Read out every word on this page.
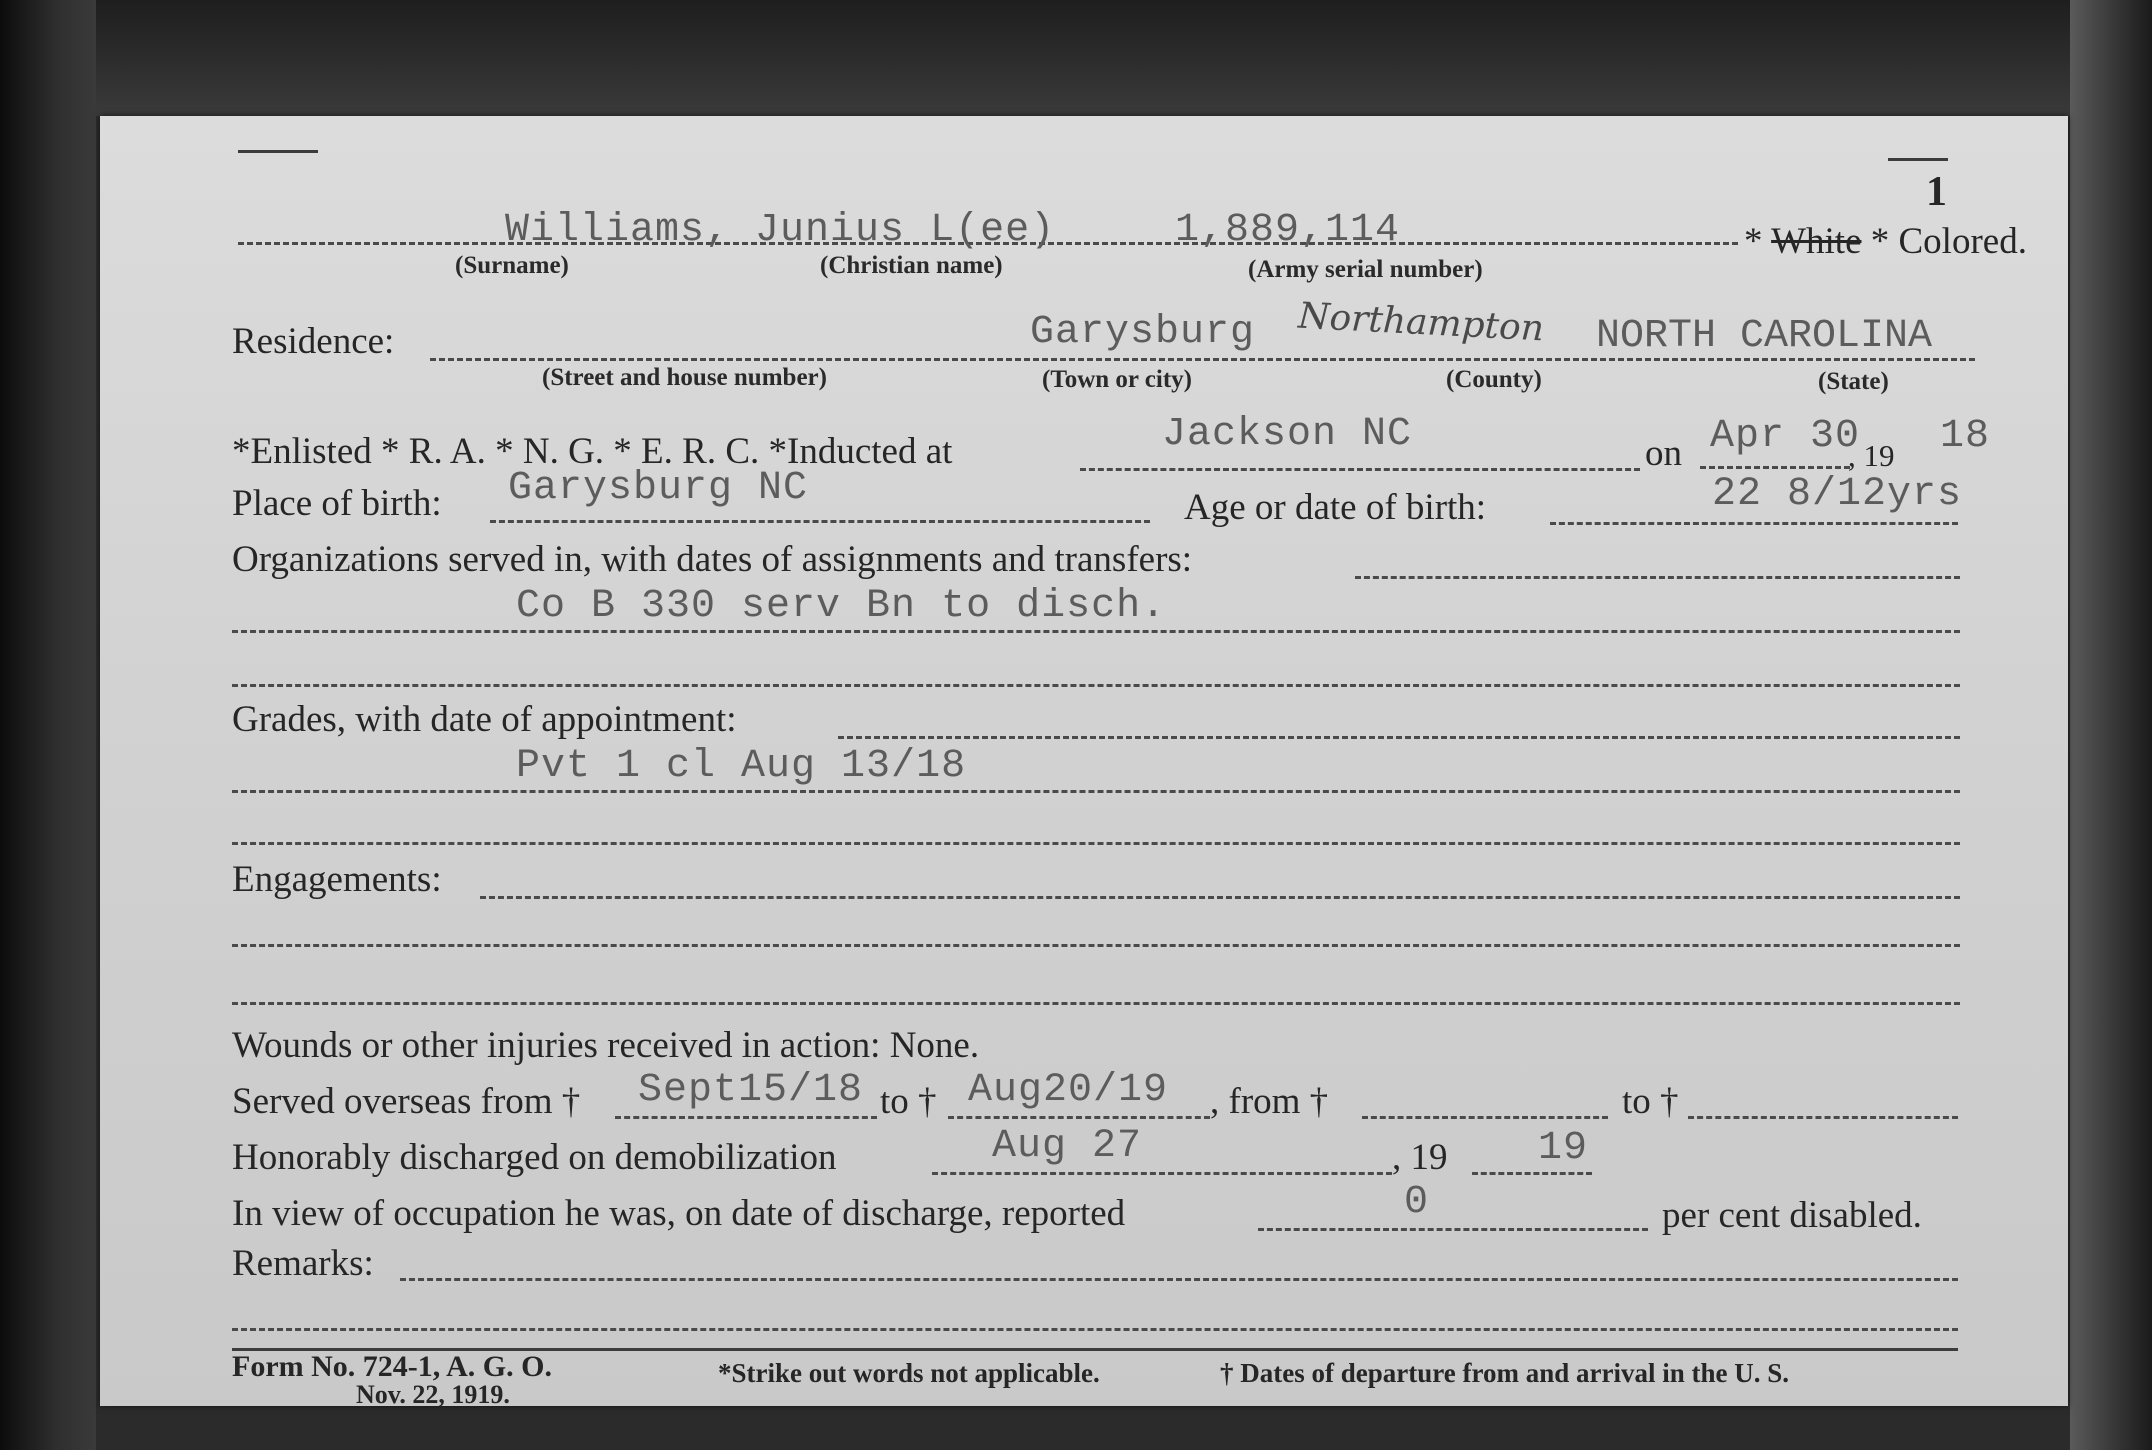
1
Williams, Junius L(ee)	1,889,114
(Surname)	(Christian name)	(Army serial number)
* White * Colored.
Residence:	Garysburg Northampton NORTH CAROLINA
(Street and house number)	(Town or city)	(County)	(State)
*Enlisted * R. A. * N. G. * E. R. C. *Inducted at	Jackson NC	on Apr 30
, 19 18
Place of birth: Garysburg NC	Age or date of birth:	22 8/12yrs
Organizations served in, with dates of assignments and transfers:
Co B 330 serv Bn to disch.
Grades, with date of appointment:
Pvt 1 cl Aug 13/18
Engagements:
Wounds or other injuries received in action: None.
Served overseas from † Sept15/18 to † Aug20/19 , from †	to †
Honorably discharged on demobilization	Aug 27	, 19 19
In view of occupation he was, on date of discharge, reported	0	per cent disabled.
Remarks:
Form No. 724-1, A. G. O.
Nov. 22, 1919.
*Strike out words not applicable.	† Dates of departure from and arrival in the U. S.
